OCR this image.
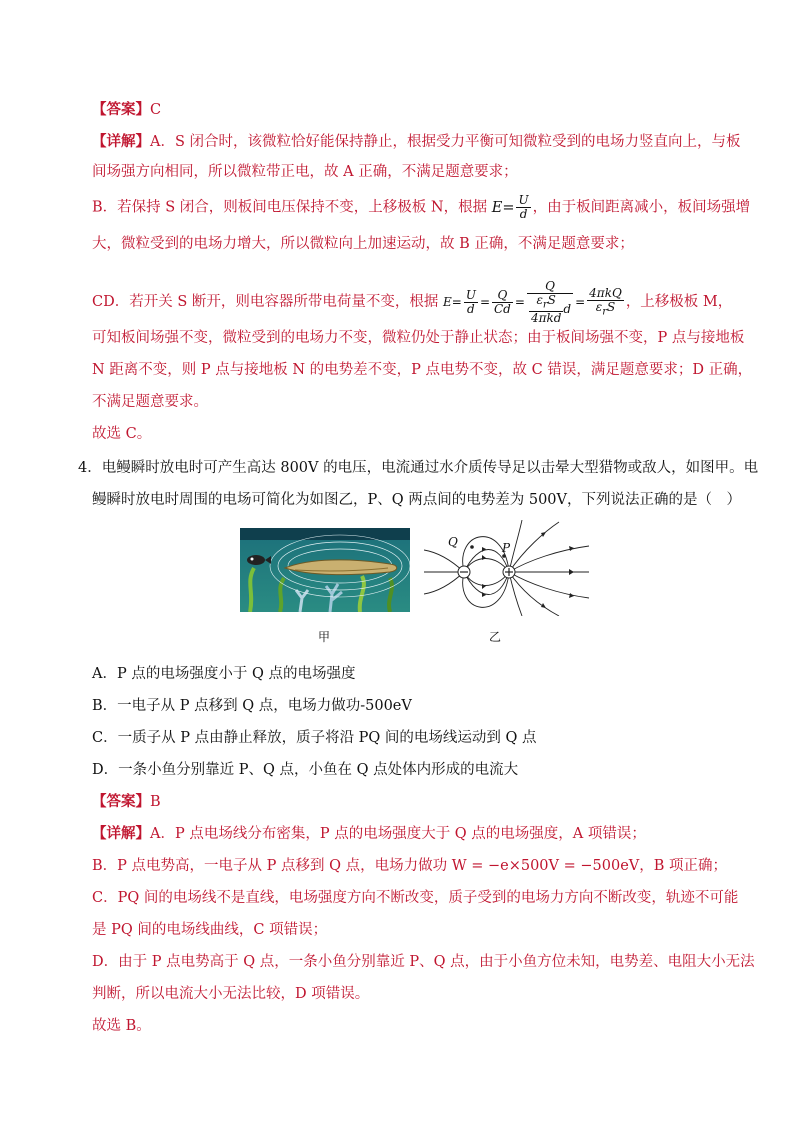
【答案】C
【详解】A．S 闭合时，该微粒恰好能保持静止，根据受力平衡可知微粒受到的电场力竖直向上，与板
间场强方向相同，所以微粒带正电，故 A 正确，不满足题意要求；
B．若保持 S 闭合，则板间电压保持不变，上移极板 N，根据 $E= \frac{U}{d}$ ，由于板间距离减小，板间场强增
大，微粒受到的电场力增大，所以微粒向上加速运动，故 B 正确，不满足题意要求；
CD．若开关 S 断开，则电容器所带电荷量不变，根据 $E= \frac{U}{d} = \frac{Q}{Cd} = \frac{Q}{\frac{\varepsilon_rS}{\text{4πkd}} d} = \frac{\text{4πkQ}}{\varepsilon_rS}$ ，上移极板 M，
可知板间场强不变，微粒受到的电场力不变，微粒仍处于静止状态；由于板间场强不变，P 点与接地板
N 距离不变，则 P 点与接地板 N 的电势差不变，P 点电势不变，故 C 错误，满足题意要求；D 正确，
不满足题意要求。
故选 C。
4．电鳗瞬时放电时可产生高达 800V 的电压，电流通过水介质传导足以击晕大型猎物或敌人，如图甲。电
鳗瞬时放电时周围的电场可简化为如图乙，P、Q 两点间的电势差为 500V，下列说法正确的是（　）
甲
Q	P
乙
A．P 点的电场强度小于 Q 点的电场强度
B．一电子从 P 点移到 Q 点，电场力做功-500eV
C．一质子从 P 点由静止释放，质子将沿 PQ 间的电场线运动到 Q 点
D．一条小鱼分别靠近 P、Q 点，小鱼在 Q 点处体内形成的电流大
【答案】B
【详解】A．P 点电场线分布密集，P 点的电场强度大于 Q 点的电场强度，A 项错误；
B．P 点电势高，一电子从 P 点移到 Q 点，电场力做功 W = −e×500V = −500eV，B 项正确；
C．PQ 间的电场线不是直线，电场强度方向不断改变，质子受到的电场力方向不断改变，轨迹不可能
是 PQ 间的电场线曲线，C 项错误；
D．由于 P 点电势高于 Q 点，一条小鱼分别靠近 P、Q 点，由于小鱼方位未知，电势差、电阻大小无法
判断，所以电流大小无法比较，D 项错误。
故选 B。
